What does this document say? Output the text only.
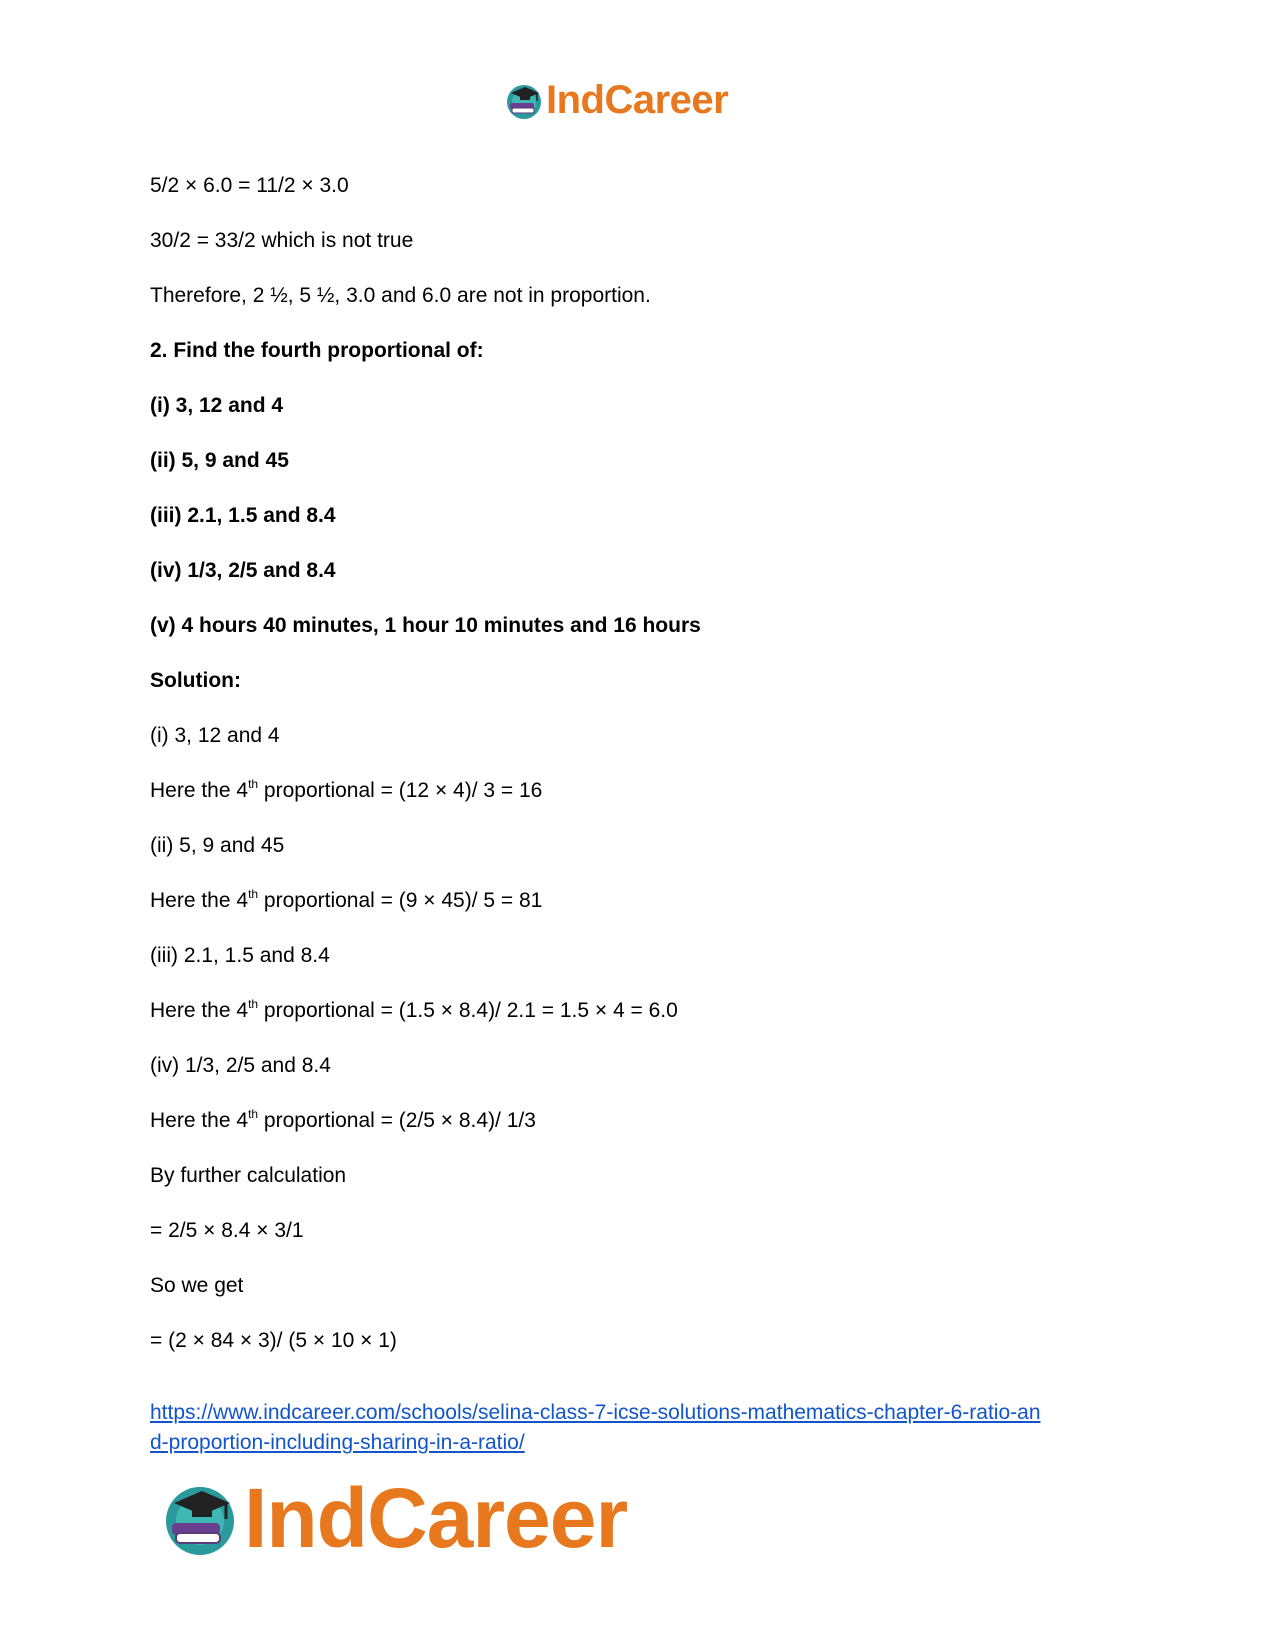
IndCareer
5/2 × 6.0 = 11/2 × 3.0
30/2 = 33/2 which is not true
Therefore, 2 ½, 5 ½, 3.0 and 6.0 are not in proportion.
2. Find the fourth proportional of:
(i) 3, 12 and 4
(ii) 5, 9 and 45
(iii) 2.1, 1.5 and 8.4
(iv) 1/3, 2/5 and 8.4
(v) 4 hours 40 minutes, 1 hour 10 minutes and 16 hours
Solution:
(i) 3, 12 and 4
Here the 4th proportional = (12 × 4)/ 3 = 16
(ii) 5, 9 and 45
Here the 4th proportional = (9 × 45)/ 5 = 81
(iii) 2.1, 1.5 and 8.4
Here the 4th proportional = (1.5 × 8.4)/ 2.1 = 1.5 × 4 = 6.0
(iv) 1/3, 2/5 and 8.4
Here the 4th proportional = (2/5 × 8.4)/ 1/3
By further calculation
= 2/5 × 8.4 × 3/1
So we get
= (2 × 84 × 3)/ (5 × 10 × 1)
https://www.indcareer.com/schools/selina-class-7-icse-solutions-mathematics-chapter-6-ratio-an
d-proportion-including-sharing-in-a-ratio/
IndCareer
